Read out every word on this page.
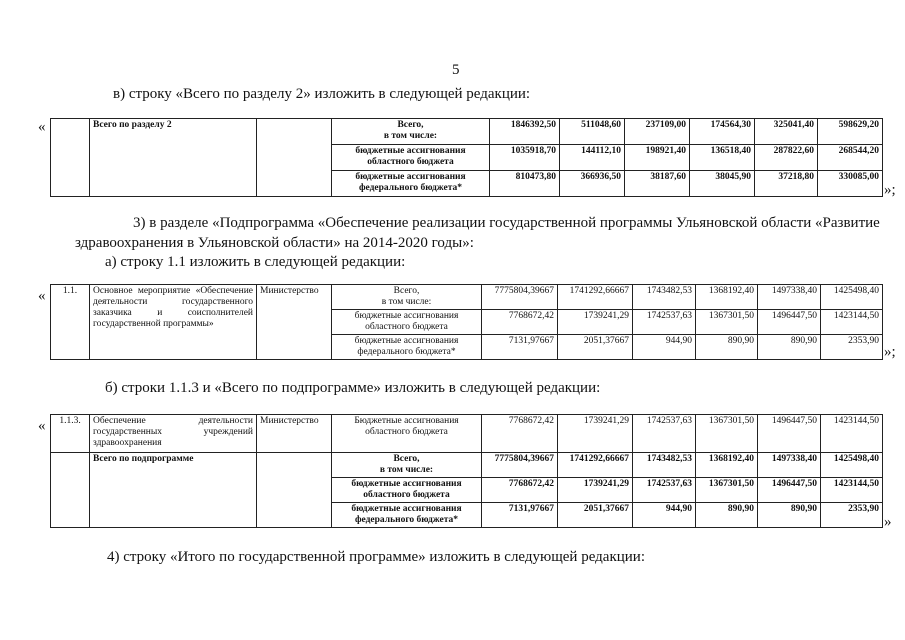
5
в) строку «Всего по разделу 2» изложить в следующей редакции:
«
		Всего по разделу 2		Всего,
в том числе:	1846392,50	511048,60	237109,00	174564,30	325041,40	598629,20
			бюджетные ассигнования областного бюджета	1035918,70	144112,10	198921,40	136518,40	287822,60	268544,20
			бюджетные ассигнования федерального бюджета*	810473,80	366936,50	38187,60	38045,90	37218,80	330085,00
»;
3) в разделе «Подпрограмма «Обеспечение реализации государственной программы Ульяновской области «Развитие
здравоохранения в Ульяновской области» на 2014-2020 годы»:
а) строку 1.1 изложить в следующей редакции:
« 1.1.	Основное мероприятие «Обеспечение деятельности государственного заказчика и соисполнителей государственной программы»	Министерство	Всего,
в том числе:	7775804,39667	1741292,66667	1743482,53	1368192,40	1497338,40	1425498,40
			бюджетные ассигнования областного бюджета	7768672,42	1739241,29	1742537,63	1367301,50	1496447,50	1423144,50
			бюджетные ассигнования федерального бюджета*	7131,97667	2051,37667	944,90	890,90	890,90	2353,90
»;
б) строки 1.1.3 и «Всего по подпрограмме» изложить в следующей редакции:
« 1.1.3.	Обеспечение деятельности государственных учреждений здравоохранения	Министерство	Бюджетные ассигнования областного бюджета	7768672,42	1739241,29	1742537,63	1367301,50	1496447,50	1423144,50
	Всего по подпрограмме		Всего,
в том числе:	7775804,39667	1741292,66667	1743482,53	1368192,40	1497338,40	1425498,40
			бюджетные ассигнования областного бюджета	7768672,42	1739241,29	1742537,63	1367301,50	1496447,50	1423144,50
			бюджетные ассигнования федерального бюджета*	7131,97667	2051,37667	944,90	890,90	890,90	2353,90
»
4) строку «Итого по государственной программе» изложить в следующей редакции:
